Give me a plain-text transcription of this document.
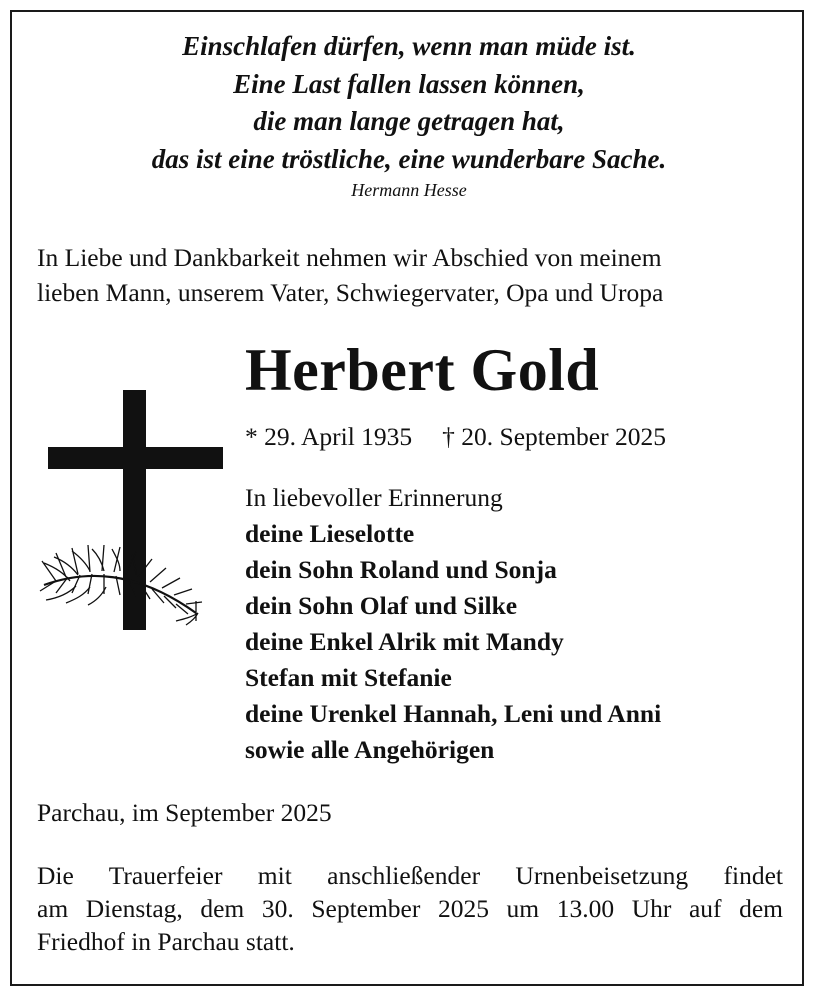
Einschlafen dürfen, wenn man müde ist.
Eine Last fallen lassen können,
die man lange getragen hat,
das ist eine tröstliche, eine wunderbare Sache.
Hermann Hesse
In Liebe und Dankbarkeit nehmen wir Abschied von meinem
lieben Mann, unserem Vater, Schwiegervater, Opa und Uropa
Herbert Gold
* 29. April 1935 † 20. September 2025
In liebevoller Erinnerung
deine Lieselotte
dein Sohn Roland und Sonja
dein Sohn Olaf und Silke
deine Enkel Alrik mit Mandy
Stefan mit Stefanie
deine Urenkel Hannah, Leni und Anni
sowie alle Angehörigen
Parchau, im September 2025
Die Trauerfeier mit anschließender Urnenbeisetzung findet
am Dienstag, dem 30. September 2025 um 13.00 Uhr auf dem
Friedhof in Parchau statt.
